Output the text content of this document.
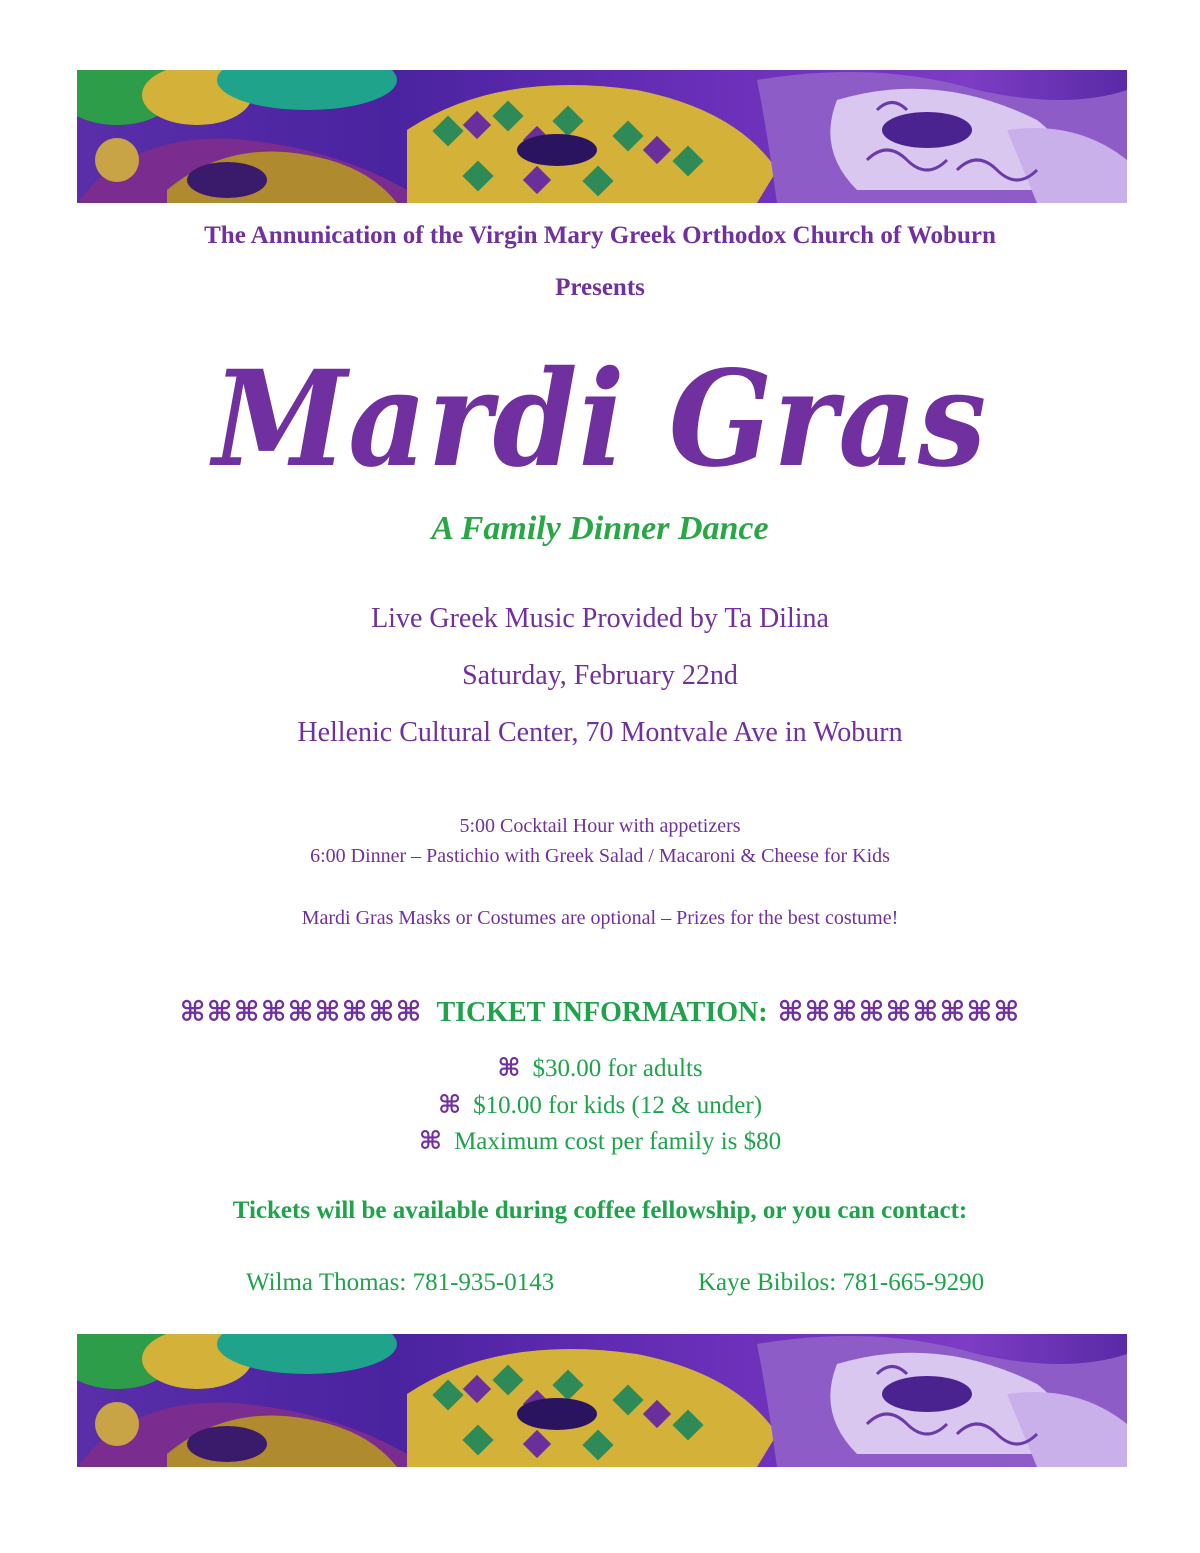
The Annunication of the Virgin Mary Greek Orthodox Church of Woburn
Presents
Mardi Gras
A Family Dinner Dance
Live Greek Music Provided by Ta Dilina
Saturday, February 22nd
Hellenic Cultural Center, 70 Montvale Ave in Woburn
5:00 Cocktail Hour with appetizers
6:00 Dinner – Pastichio with Greek Salad / Macaroni & Cheese for Kids
Mardi Gras Masks or Costumes are optional – Prizes for the best costume!
⌘⌘⌘⌘⌘⌘⌘⌘⌘ TICKET INFORMATION: ⌘⌘⌘⌘⌘⌘⌘⌘⌘
⌘ $30.00 for adults
⌘ $10.00 for kids (12 & under)
⌘ Maximum cost per family is $80
Tickets will be available during coffee fellowship, or you can contact:
Wilma Thomas: 781-935-0143	Kaye Bibilos: 781-665-9290
